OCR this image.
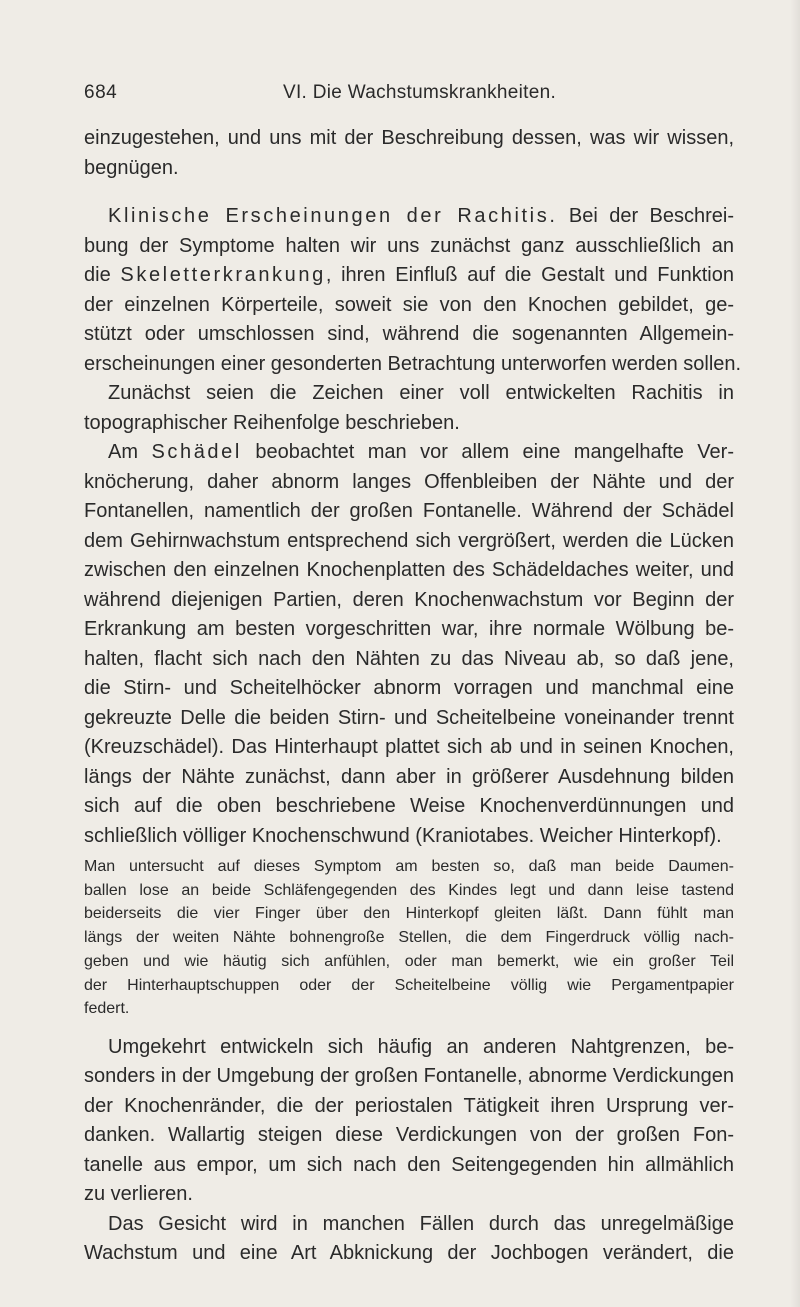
684	VI. Die Wachstumskrankheiten.
einzugestehen, und uns mit der Beschreibung dessen, was wir wissen,
begnügen.
Klinische Erscheinungen der Rachitis. Bei der Beschrei-
bung der Symptome halten wir uns zunächst ganz ausschließlich an
die Skeletterkrankung, ihren Einfluß auf die Gestalt und Funktion
der einzelnen Körperteile, soweit sie von den Knochen gebildet, ge-
stützt oder umschlossen sind, während die sogenannten Allgemein-
erscheinungen einer gesonderten Betrachtung unterworfen werden sollen.
Zunächst seien die Zeichen einer voll entwickelten Rachitis in
topographischer Reihenfolge beschrieben.
Am Schädel beobachtet man vor allem eine mangelhafte Ver-
knöcherung, daher abnorm langes Offenbleiben der Nähte und der
Fontanellen, namentlich der großen Fontanelle. Während der Schädel
dem Gehirnwachstum entsprechend sich vergrößert, werden die Lücken
zwischen den einzelnen Knochenplatten des Schädeldaches weiter, und
während diejenigen Partien, deren Knochenwachstum vor Beginn der
Erkrankung am besten vorgeschritten war, ihre normale Wölbung be-
halten, flacht sich nach den Nähten zu das Niveau ab, so daß jene,
die Stirn- und Scheitelhöcker abnorm vorragen und manchmal eine
gekreuzte Delle die beiden Stirn- und Scheitelbeine voneinander trennt
(Kreuzschädel). Das Hinterhaupt plattet sich ab und in seinen Knochen,
längs der Nähte zunächst, dann aber in größerer Ausdehnung bilden
sich auf die oben beschriebene Weise Knochenverdünnungen und
schließlich völliger Knochenschwund (Kraniotabes. Weicher Hinterkopf).
Man untersucht auf dieses Symptom am besten so, daß man beide Daumen-
ballen lose an beide Schläfengegenden des Kindes legt und dann leise tastend
beiderseits die vier Finger über den Hinterkopf gleiten läßt. Dann fühlt man
längs der weiten Nähte bohnengroße Stellen, die dem Fingerdruck völlig nach-
geben und wie häutig sich anfühlen, oder man bemerkt, wie ein großer Teil
der Hinterhauptschuppen oder der Scheitelbeine völlig wie Pergamentpapier
federt.
Umgekehrt entwickeln sich häufig an anderen Nahtgrenzen, be-
sonders in der Umgebung der großen Fontanelle, abnorme Verdickungen
der Knochenränder, die der periostalen Tätigkeit ihren Ursprung ver-
danken. Wallartig steigen diese Verdickungen von der großen Fon-
tanelle aus empor, um sich nach den Seitengegenden hin allmählich
zu verlieren.
Das Gesicht wird in manchen Fällen durch das unregelmäßige
Wachstum und eine Art Abknickung der Jochbogen verändert, die
